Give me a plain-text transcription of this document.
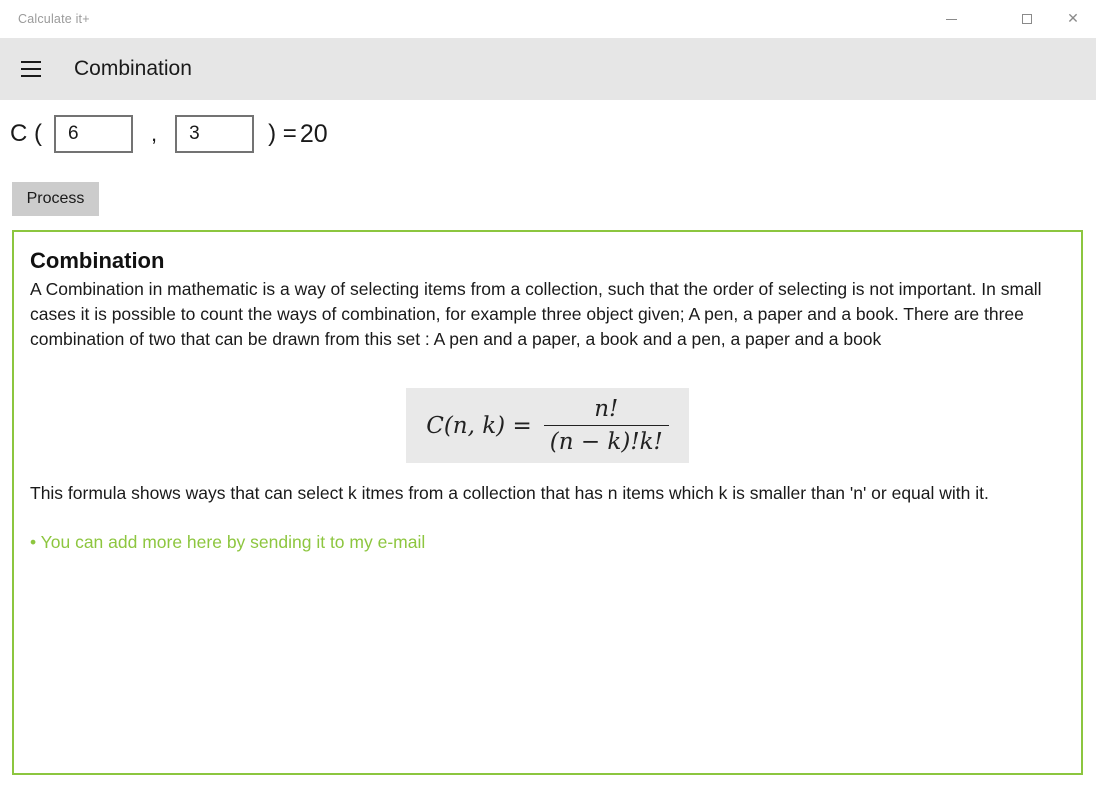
Calculate it+	✕
Combination
C (
6	,
3	) = 20
Process
Combination
A Combination in mathematic is a way of selecting items from a collection, such that the order of selecting is not important. In small cases it is possible to count the ways of combination, for example three object given; A pen, a paper and a book. There are three combination of two that can be drawn from this set : A pen and a paper, a book and a pen, a paper and a book
C(n, $k) = \frac{n!}{(n - k)!k!}$
This formula shows ways that can select k itmes from a collection that has n items which k is smaller than 'n' or equal with it.
• You can add more here by sending it to my e-mail
